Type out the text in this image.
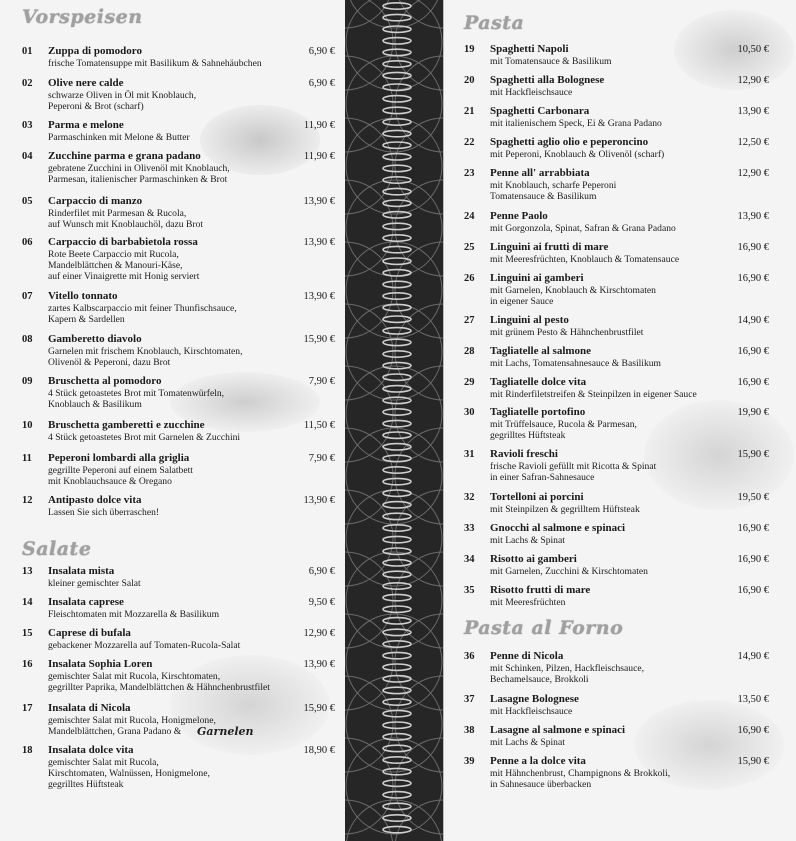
Vorspeisen
01 Zuppa di pomodoro
frische Tomatensuppe mit Basilikum & Sahnehäubchen
6,90 €
02 Olive nere calde
schwarze Oliven in Öl mit Knoblauch,
Peperoni & Brot (scharf)
6,90 €
03 Parma e melone
Parmaschinken mit Melone & Butter
11,90 €
04 Zucchine parma e grana padano
gebratene Zucchini in Olivenöl mit Knoblauch,
Parmesan, italienischer Parmaschinken & Brot
11,90 €
05 Carpaccio di manzo
Rinderfilet mit Parmesan & Rucola,
auf Wunsch mit Knoblauchöl, dazu Brot
13,90 €
06 Carpaccio di barbabietola rossa
Rote Beete Carpaccio mit Rucola,
Mandelblättchen & Manouri-Käse,
auf einer Vinaigrette mit Honig serviert
13,90 €
07 Vitello tonnato
zartes Kalbscarpaccio mit feiner Thunfischsauce,
Kapern & Sardellen
13,90 €
08 Gamberetto diavolo
Garnelen mit frischem Knoblauch, Kirschtomaten,
Olivenöl & Peperoni, dazu Brot
15,90 €
09 Bruschetta al pomodoro
4 Stück getoastetes Brot mit Tomatenwürfeln,
Knoblauch & Basilikum
7,90 €
10 Bruschetta gamberetti e zucchine
4 Stück getoastetes Brot mit Garnelen & Zucchini
11,50 €
11 Peperoni lombardi alla griglia
gegrillte Peperoni auf einem Salatbett
mit Knoblauchsauce & Oregano
7,90 €
12 Antipasto dolce vita
Lassen Sie sich überraschen!
13,90 €
Salate
13 Insalata mista
kleiner gemischter Salat
6,90 €
14 Insalata caprese
Fleischtomaten mit Mozzarella & Basilikum
9,50 €
15 Caprese di bufala
gebackener Mozzarella auf Tomaten-Rucola-Salat
12,90 €
16 Insalata Sophia Loren
gemischter Salat mit Rucola, Kirschtomaten,
gegrillter Paprika, Mandelblättchen & Hähnchenbrustfilet
13,90 €
17 Insalata di Nicola
gemischter Salat mit Rucola, Honigmelone,
Mandelblättchen, Grana Padano &
15,90 €
18 Insalata dolce vita
gemischter Salat mit Rucola,
Kirschtomaten, Walnüssen, Honigmelone,
gegrilltes Hüftsteak
18,90 €
Garnelen
Pasta
19 Spaghetti Napoli
mit Tomatensauce & Basilikum
10,50 €
20 Spaghetti alla Bolognese
mit Hackfleischsauce
12,90 €
21 Spaghetti Carbonara
mit italienischem Speck, Ei & Grana Padano
13,90 €
22 Spaghetti aglio olio e peperoncino
mit Peperoni, Knoblauch & Olivenöl (scharf)
12,50 €
23 Penne all' arrabbiata
mit Knoblauch, scharfe Peperoni
Tomatensauce & Basilikum
12,90 €
24 Penne Paolo
mit Gorgonzola, Spinat, Safran & Grana Padano
13,90 €
25 Linguini ai frutti di mare
mit Meeresfrüchten, Knoblauch & Tomatensauce
16,90 €
26 Linguini ai gamberi
mit Garnelen, Knoblauch & Kirschtomaten
in eigener Sauce
16,90 €
27 Linguini al pesto
mit grünem Pesto & Hähnchenbrustfilet
14,90 €
28 Tagliatelle al salmone
mit Lachs, Tomatensahnesauce & Basilikum
16,90 €
29 Tagliatelle dolce vita
mit Rinderfiletstreifen & Steinpilzen in eigener Sauce
16,90 €
30 Tagliatelle portofino
mit Trüffelsauce, Rucola & Parmesan,
gegrilltes Hüftsteak
19,90 €
31 Ravioli freschi
frische Ravioli gefüllt mit Ricotta & Spinat
in einer Safran-Sahnesauce
15,90 €
32 Tortelloni ai porcini
mit Steinpilzen & gegrilltem Hüftsteak
19,50 €
33 Gnocchi al salmone e spinaci
mit Lachs & Spinat
16,90 €
34 Risotto ai gamberi
mit Garnelen, Zucchini & Kirschtomaten
16,90 €
35 Risotto frutti di mare
mit Meeresfrüchten
16,90 €
Pasta al Forno
36 Penne di Nicola
mit Schinken, Pilzen, Hackfleischsauce,
Bechamelsauce, Brokkoli
14,90 €
37 Lasagne Bolognese
mit Hackfleischsauce
13,50 €
38 Lasagne al salmone e spinaci
mit Lachs & Spinat
16,90 €
39 Penne a la dolce vita
mit Hähnchenbrust, Champignons & Brokkoli,
in Sahnesauce überbacken
15,90 €
